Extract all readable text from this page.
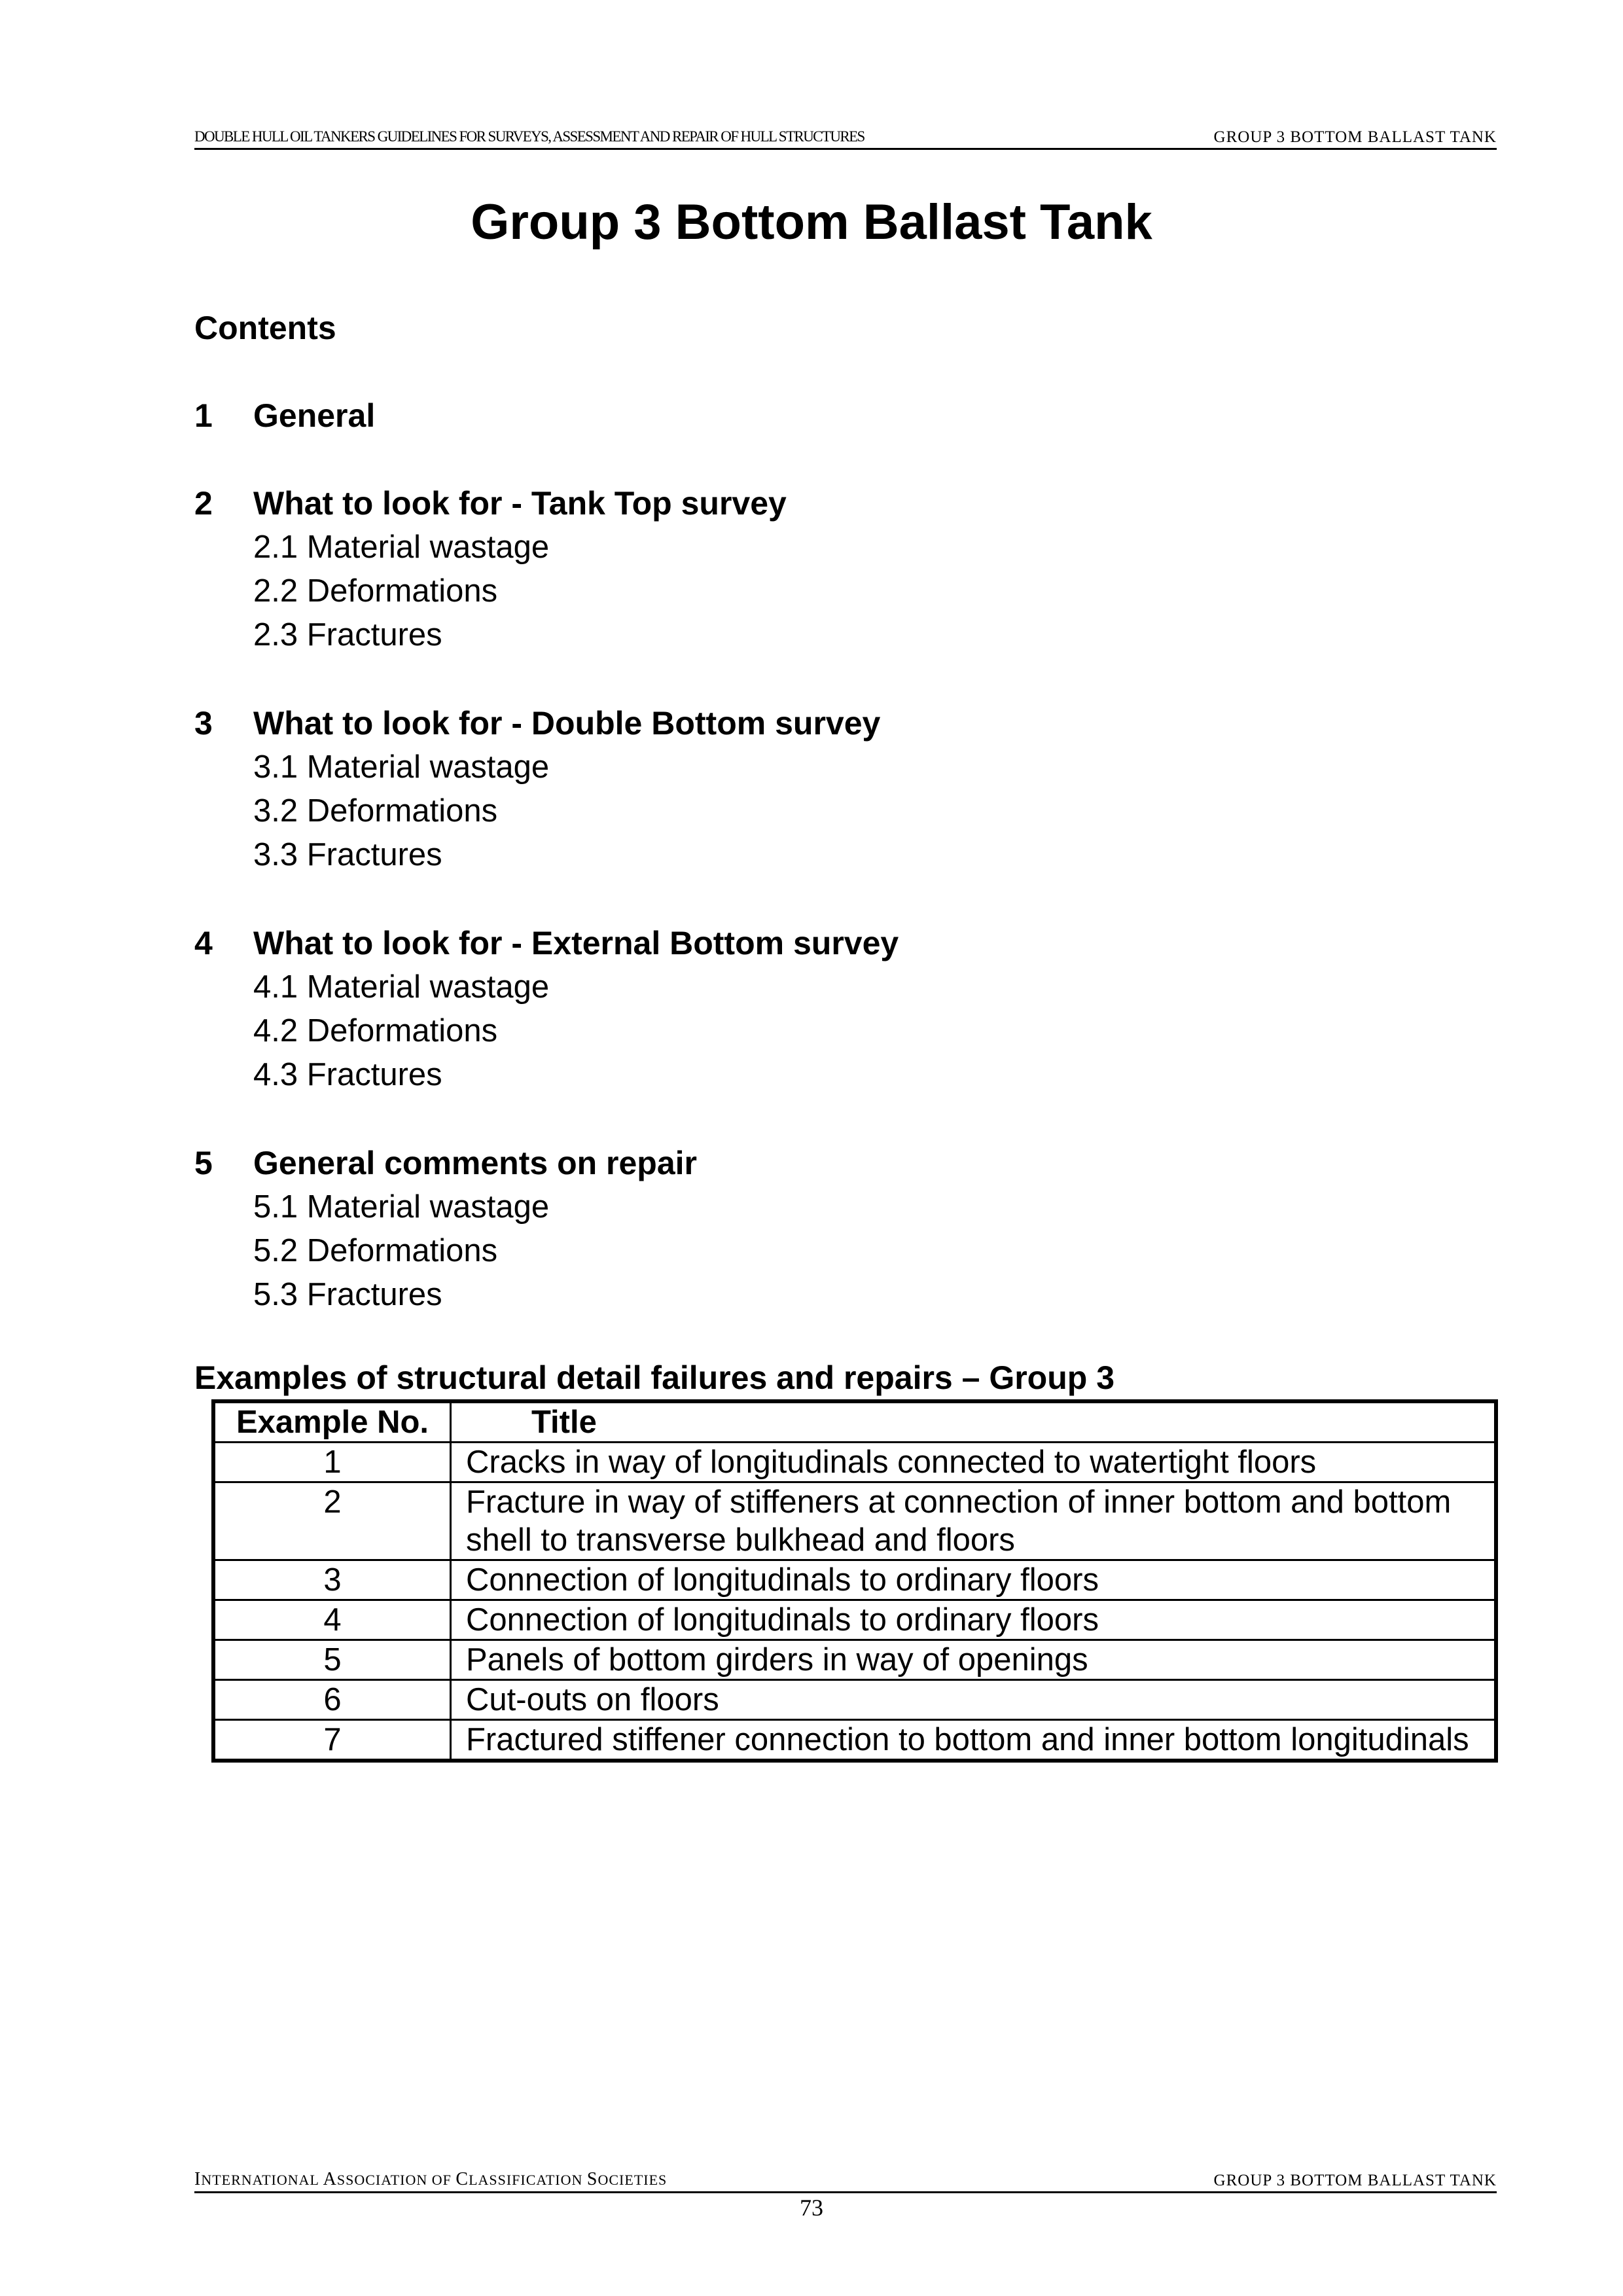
DOUBLE HULL OIL TANKERS GUIDELINES FOR SURVEYS, ASSESSMENT AND REPAIR OF HULL STRUCTURES	GROUP 3 BOTTOM BALLAST TANK
Group 3 Bottom Ballast Tank
Contents
1 General
2 What to look for - Tank Top survey
2.1 Material wastage
2.2 Deformations
2.3 Fractures
3 What to look for - Double Bottom survey
3.1 Material wastage
3.2 Deformations
3.3 Fractures
4 What to look for - External Bottom survey
4.1 Material wastage
4.2 Deformations
4.3 Fractures
5 General comments on repair
5.1 Material wastage
5.2 Deformations
5.3 Fractures
Examples of structural detail failures and repairs – Group 3
Example No.	Title
1	Cracks in way of longitudinals connected to watertight floors
2	Fracture in way of stiffeners at connection of inner bottom and bottom shell to transverse bulkhead and floors
3	Connection of longitudinals to ordinary floors
4	Connection of longitudinals to ordinary floors
5	Panels of bottom girders in way of openings
6	Cut-outs on floors
7	Fractured stiffener connection to bottom and inner bottom longitudinals
INTERNATIONAL ASSOCIATION OF CLASSIFICATION SOCIETIES	GROUP 3 BOTTOM BALLAST TANK
73
